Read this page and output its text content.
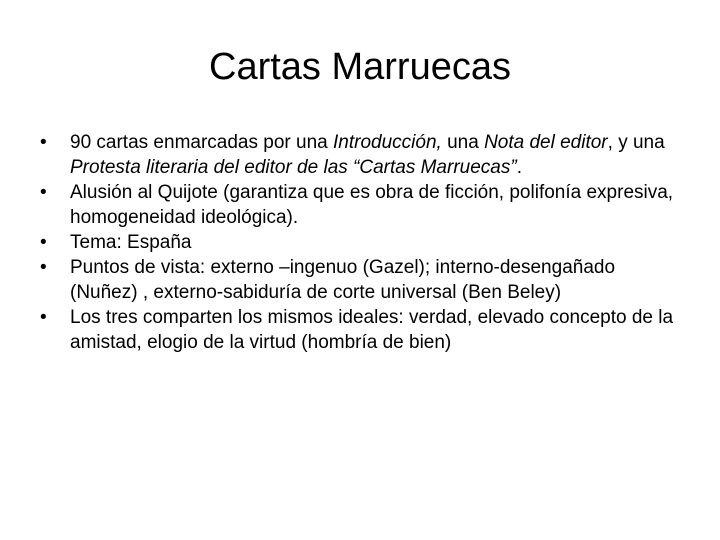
Cartas Marruecas
•	90 cartas enmarcadas por una Introducción, una Nota del editor, y una Protesta literaria del editor de las “Cartas Marruecas”.
•	Alusión al Quijote (garantiza que es obra de ficción, polifonía expresiva, homogeneidad ideológica).
•	Tema: España
•	Puntos de vista: externo –ingenuo (Gazel); interno-desengañado (Nuñez) , externo-sabiduría de corte universal (Ben Beley)
•	Los tres comparten los mismos ideales: verdad, elevado concepto de la amistad, elogio de la virtud (hombría de bien)
